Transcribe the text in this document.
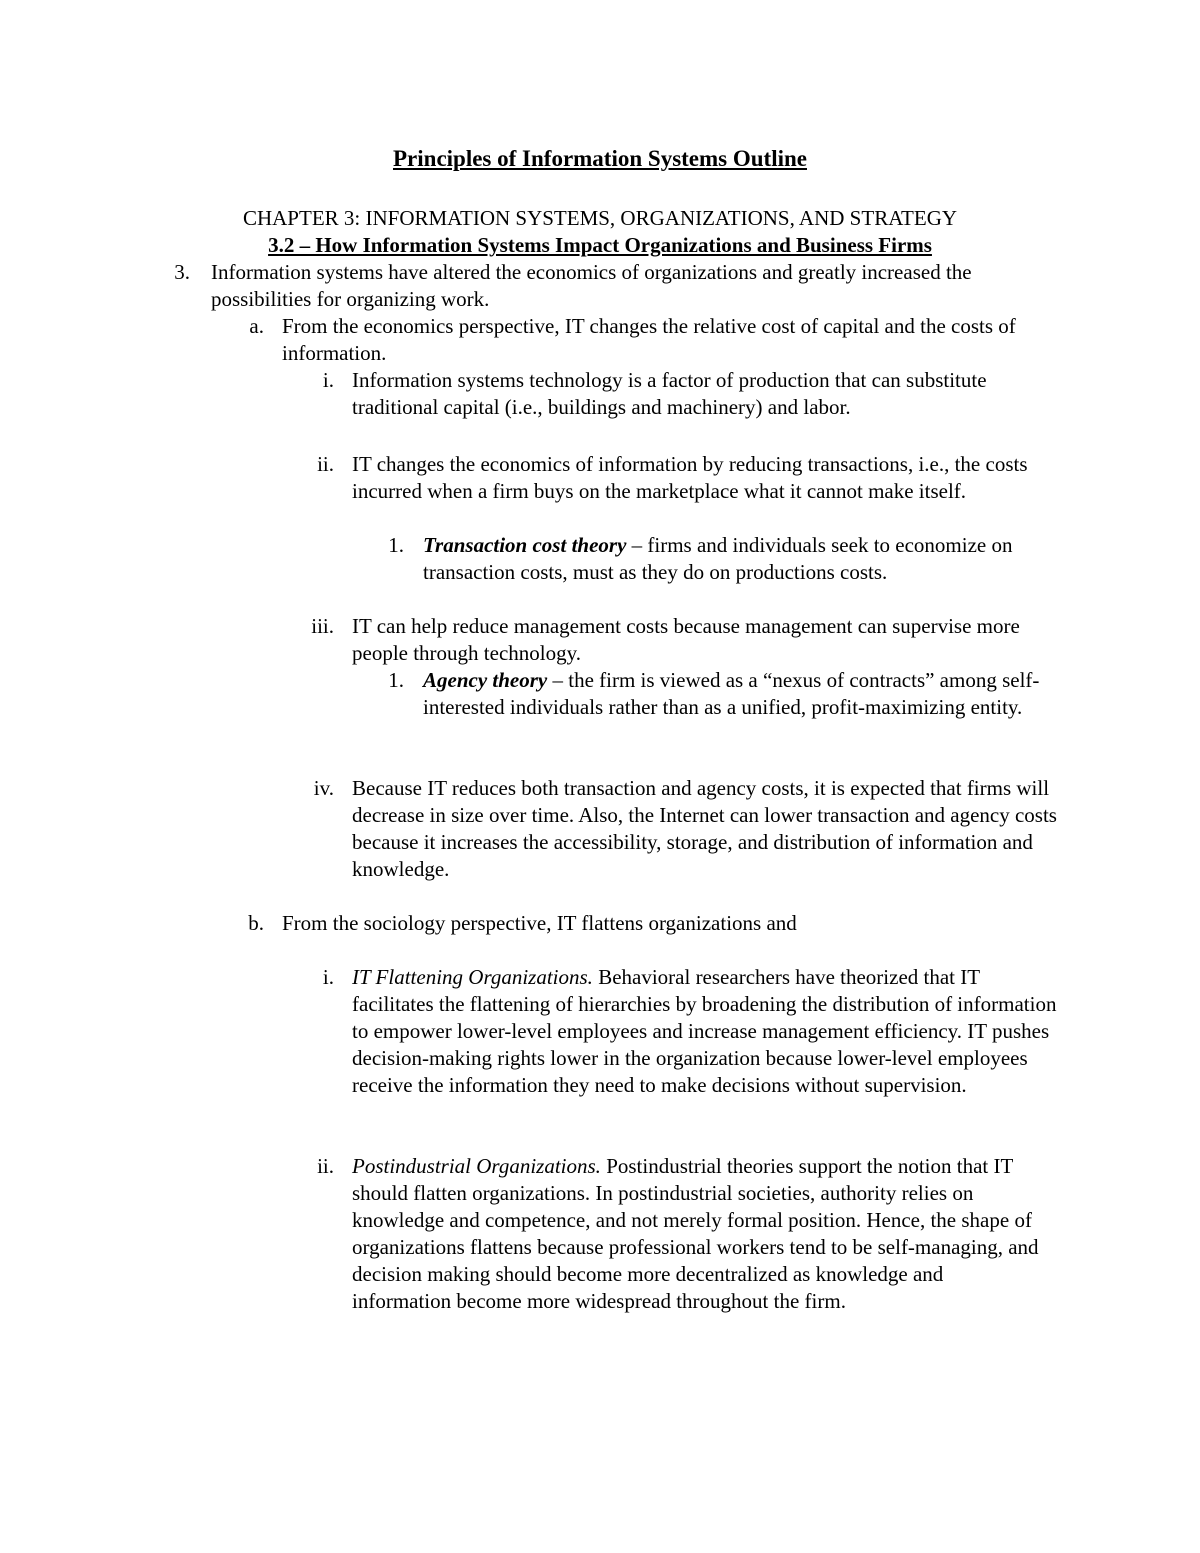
Principles of Information Systems Outline
CHAPTER 3: INFORMATION SYSTEMS, ORGANIZATIONS, AND STRATEGY
3.2 – How Information Systems Impact Organizations and Business Firms
3. Information systems have altered the economics of organizations and greatly increased the possibilities for organizing work.
a. From the economics perspective, IT changes the relative cost of capital and the costs of information.
i. Information systems technology is a factor of production that can substitute traditional capital (i.e., buildings and machinery) and labor.
ii. IT changes the economics of information by reducing transactions, i.e., the costs incurred when a firm buys on the marketplace what it cannot make itself.
1. Transaction cost theory – firms and individuals seek to economize on transaction costs, must as they do on productions costs.
iii. IT can help reduce management costs because management can supervise more people through technology.
1. Agency theory – the firm is viewed as a “nexus of contracts” among self-interested individuals rather than as a unified, profit-maximizing entity.
iv. Because IT reduces both transaction and agency costs, it is expected that firms will decrease in size over time. Also, the Internet can lower transaction and agency costs because it increases the accessibility, storage, and distribution of information and knowledge.
b. From the sociology perspective, IT flattens organizations and
i. IT Flattening Organizations. Behavioral researchers have theorized that IT facilitates the flattening of hierarchies by broadening the distribution of information to empower lower-level employees and increase management efficiency. IT pushes decision-making rights lower in the organization because lower-level employees receive the information they need to make decisions without supervision.
ii. Postindustrial Organizations. Postindustrial theories support the notion that IT should flatten organizations. In postindustrial societies, authority relies on knowledge and competence, and not merely formal position. Hence, the shape of organizations flattens because professional workers tend to be self-managing, and decision making should become more decentralized as knowledge and information become more widespread throughout the firm.
